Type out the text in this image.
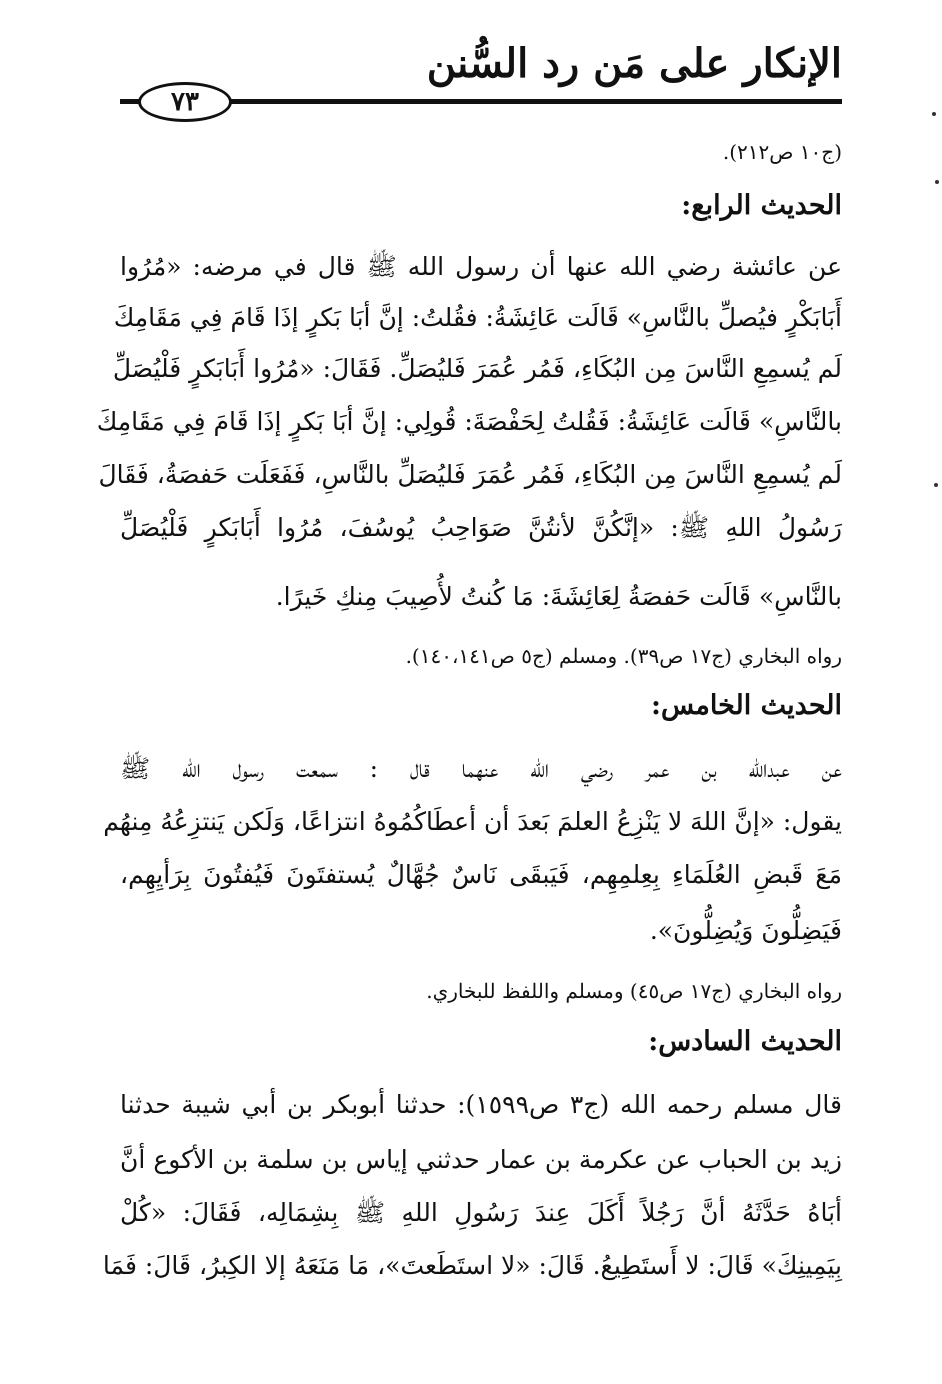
الإنكار على مَن رد السُّنن
٧٣
(ج١٠ ص٢١٢).
الحديث الرابع:
عن عائشة رضي الله عنها أن رسول الله ﷺ قال في مرضه: «مُرُوا
أَبَابَكْرٍ فيُصلِّ بالنَّاسِ» قَالَت عَائِشَةُ: فقُلتُ: إنَّ أبَا بَكرٍ إذَا قَامَ فِي مَقَامِكَ
لَم يُسمِعِ النَّاسَ مِن البُكَاءِ، فَمُر عُمَرَ فَليُصَلِّ. فَقَالَ: «مُرُوا أَبَابَكرٍ فَلْيُصَلِّ
بالنَّاسِ» قَالَت عَائِشَةُ: فَقُلتُ لِحَفْصَةَ: قُولِي: إنَّ أبَا بَكرٍ إذَا قَامَ فِي مَقَامِكَ
لَم يُسمِعِ النَّاسَ مِن البُكَاءِ، فَمُر عُمَرَ فَليُصَلِّ بالنَّاسِ، فَفَعَلَت حَفصَةُ، فَقَالَ
رَسُولُ اللهِ ﷺ: «إنَّكُنَّ لأنتُنَّ صَوَاحِبُ يُوسُفَ، مُرُوا أَبَابَكرٍ فَلْيُصَلِّ
بالنَّاسِ» قَالَت حَفصَةُ لِعَائِشَةَ: مَا كُنتُ لأُصِيبَ مِنكِ خَيرًا.
رواه البخاري (ج١٧ ص٣٩). ومسلم (ج٥ ص١٤٠،١٤١).
الحديث الخامس:
عن عبدالله بن عمر رضي الله عنهما قال : سمعت رسول الله ﷺ
يقول: «إنَّ اللهَ لا يَنْزِعُ العلمَ بَعدَ أن أعطَاكُمُوهُ انتزاعًا، وَلَكن يَنتزِعُهُ مِنهُم
مَعَ قَبضِ العُلَمَاءِ بِعِلمِهِم، فَيَبقَى نَاسٌ جُهَّالٌ يُستفتَونَ فَيُفتُونَ بِرَأيِهِم،
فَيَضِلُّونَ وَيُضِلُّونَ».
رواه البخاري (ج١٧ ص٤٥) ومسلم واللفظ للبخاري.
الحديث السادس:
قال مسلم رحمه الله (ج٣ ص١٥٩٩): حدثنا أبوبكر بن أبي شيبة حدثنا
زيد بن الحباب عن عكرمة بن عمار حدثني إياس بن سلمة بن الأكوع أنَّ
أبَاهُ حَدَّثَهُ أنَّ رَجُلاً أَكَلَ عِندَ رَسُولِ اللهِ ﷺ بِشِمَالِه، فَقَالَ: «كُلْ
بِيَمِينِكَ» قَالَ: لا أَستَطِيعُ. قَالَ: «لا استَطَعتَ»، مَا مَنَعَهُ إلا الكِبرُ، قَالَ: فَمَا
